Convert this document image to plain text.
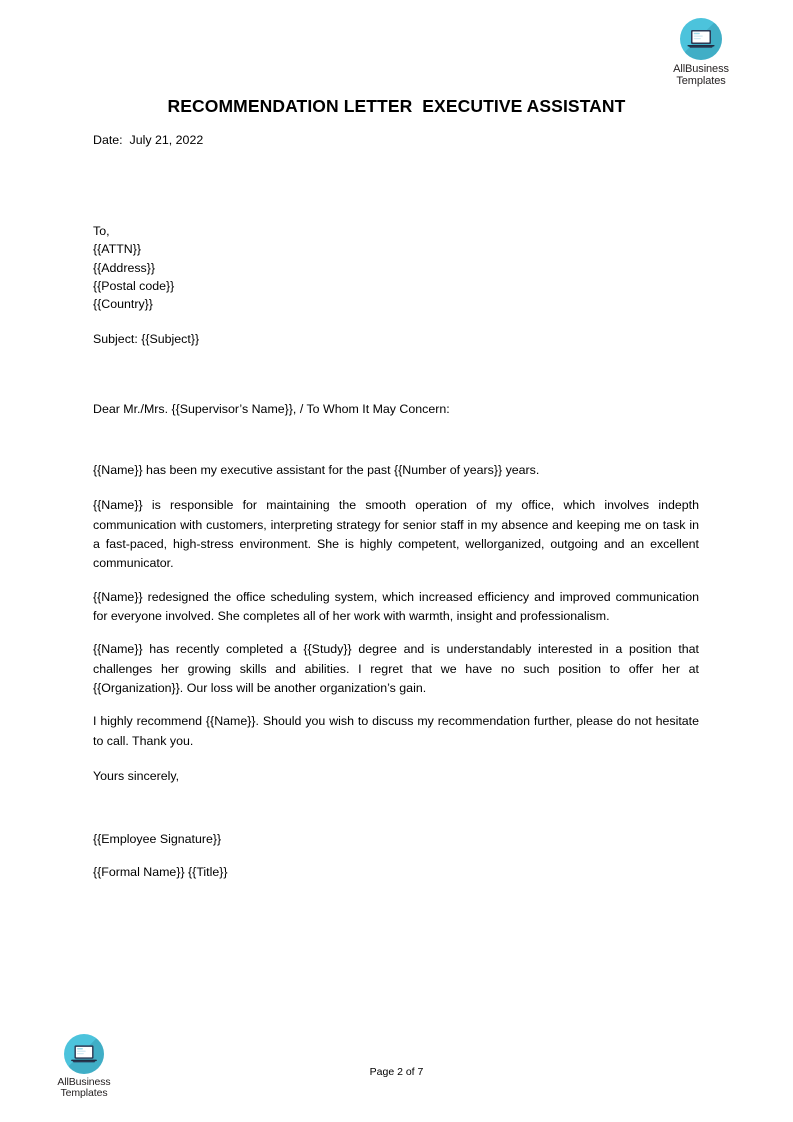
AllBusiness
Templates
RECOMMENDATION LETTER  EXECUTIVE ASSISTANT

Date: July 21, 2022

To,

{{ATTN}}

{{Address}}

{{Postal code}}

{{Country}}

Subject: {{Subject}}

Dear Mr./Mrs. {{Supervisor’s Name}}, / To Whom It May Concern:

{{Name}} has been my executive assistant for the past {{Number of years}} years.

{{Name}} is responsible for maintaining the smooth operation of my office, which involves indepth communication with customers, interpreting strategy for senior staff in my absence and keeping me on task in a fast-paced, high-stress environment. She is highly competent, wellorganized, outgoing and an excellent communicator.

{{Name}} redesigned the office scheduling system, which increased efficiency and improved communication for everyone involved. She completes all of her work with warmth, insight and professionalism.

{{Name}} has recently completed a {{Study}} degree and is understandably interested in a position that challenges her growing skills and abilities. I regret that we have no such position to offer her at {{Organization}}. Our loss will be another organization’s gain.

I highly recommend {{Name}}. Should you wish to discuss my recommendation further, please do not hesitate to call. Thank you.

Yours sincerely,

{{Employee Signature}}

{{Formal Name}} {{Title}}

AllBusiness
Templates
Page 2 of 7
